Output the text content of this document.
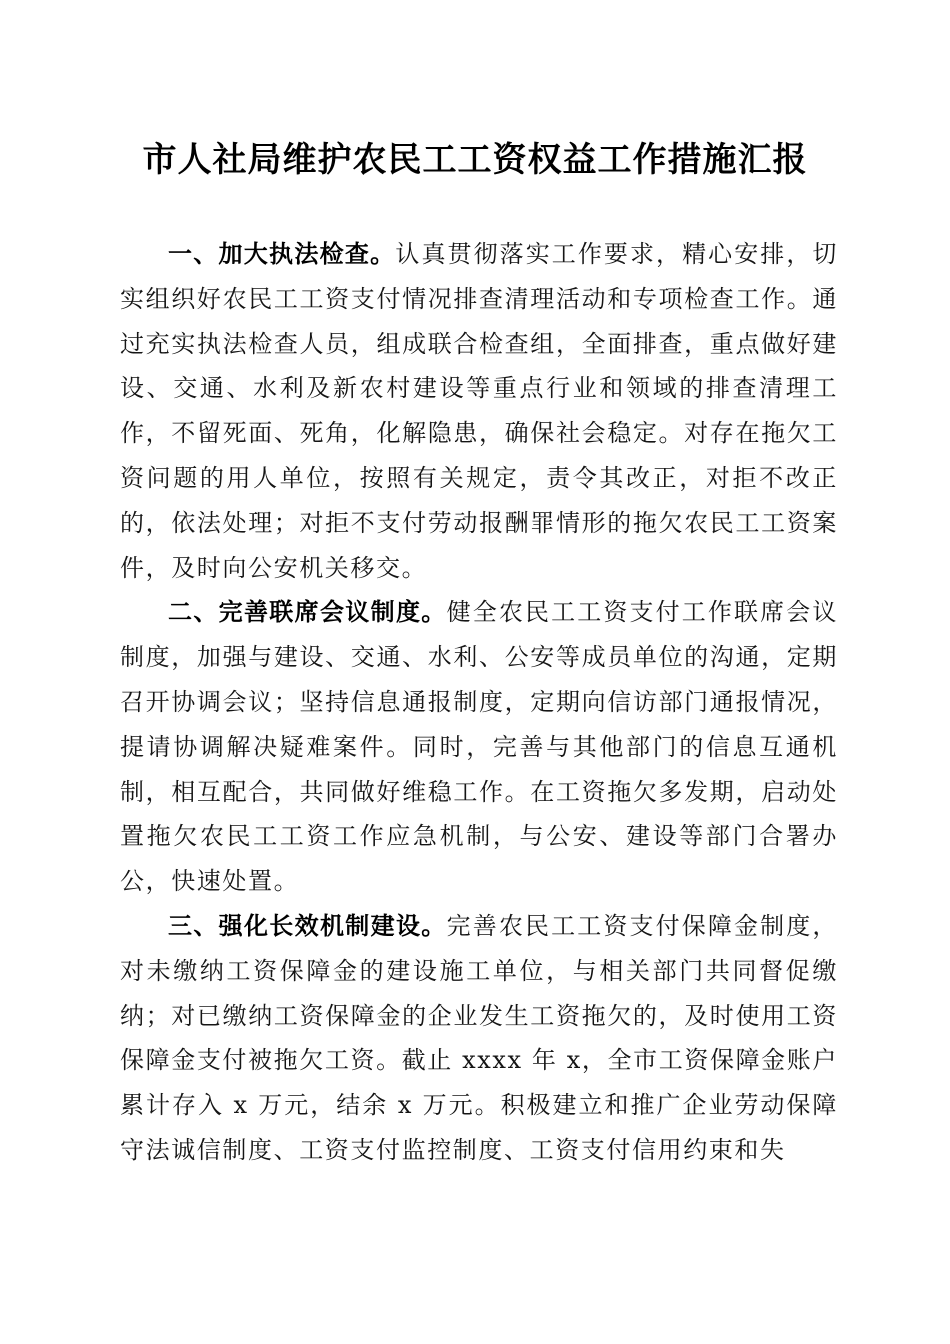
市人社局维护农民工工资权益工作措施汇报

一、加大执法检查。认真贯彻落实工作要求，精心安排，切实组织好农民工工资支付情况排查清理活动和专项检查工作。通过充实执法检查人员，组成联合检查组，全面排查，重点做好建设、交通、水利及新农村建设等重点行业和领域的排查清理工作，不留死面、死角，化解隐患，确保社会稳定。对存在拖欠工资问题的用人单位，按照有关规定，责令其改正，对拒不改正的，依法处理；对拒不支付劳动报酬罪情形的拖欠农民工工资案件，及时向公安机关移交。

二、完善联席会议制度。健全农民工工资支付工作联席会议制度，加强与建设、交通、水利、公安等成员单位的沟通，定期召开协调会议；坚持信息通报制度，定期向信访部门通报情况，提请协调解决疑难案件。同时，完善与其他部门的信息互通机制，相互配合，共同做好维稳工作。在工资拖欠多发期，启动处置拖欠农民工工资工作应急机制，与公安、建设等部门合署办公，快速处置。

三、强化长效机制建设。完善农民工工资支付保障金制度，对未缴纳工资保障金的建设施工单位，与相关部门共同督促缴纳；对已缴纳工资保障金的企业发生工资拖欠的，及时使用工资保障金支付被拖欠工资。截止 xxxx 年 x，全市工资保障金账户累计存入 x 万元，结余 x 万元。积极建立和推广企业劳动保障守法诚信制度、工资支付监控制度、工资支付信用约束和失
